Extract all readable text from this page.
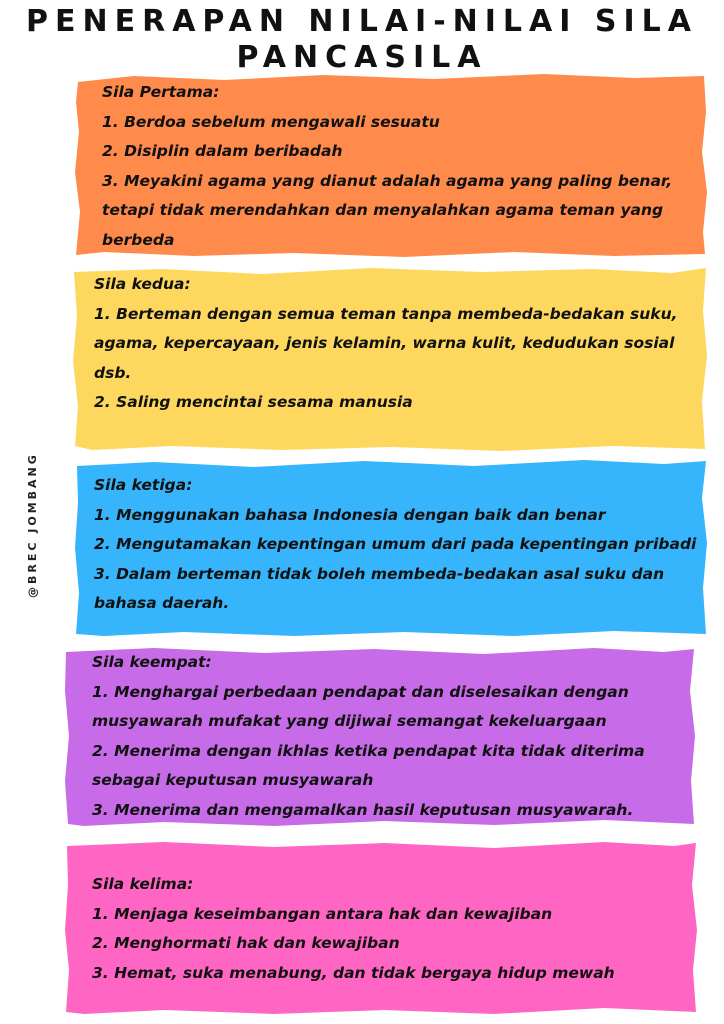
PENERAPAN NILAI-NILAI SILA
PANCASILA
@BREC JOMBANG
Sila Pertama:
1. Berdoa sebelum mengawali sesuatu
2. Disiplin dalam beribadah
3. Meyakini agama yang dianut adalah agama yang paling benar,
tetapi tidak merendahkan dan menyalahkan agama teman yang
berbeda
Sila kedua:
1. Berteman dengan semua teman tanpa membeda-bedakan suku,
agama, kepercayaan, jenis kelamin, warna kulit, kedudukan sosial
dsb.
2. Saling mencintai sesama manusia
Sila ketiga:
1. Menggunakan bahasa Indonesia dengan baik dan benar
2. Mengutamakan kepentingan umum dari pada kepentingan pribadi
3. Dalam berteman tidak boleh membeda-bedakan asal suku dan
bahasa daerah.
Sila keempat:
1. Menghargai perbedaan pendapat dan diselesaikan dengan
musyawarah mufakat yang dijiwai semangat kekeluargaan
2. Menerima dengan ikhlas ketika pendapat kita tidak diterima
sebagai keputusan musyawarah
3. Menerima dan mengamalkan hasil keputusan musyawarah.
Sila kelima:
1. Menjaga keseimbangan antara hak dan kewajiban
2. Menghormati hak dan kewajiban
3. Hemat, suka menabung, dan tidak bergaya hidup mewah
